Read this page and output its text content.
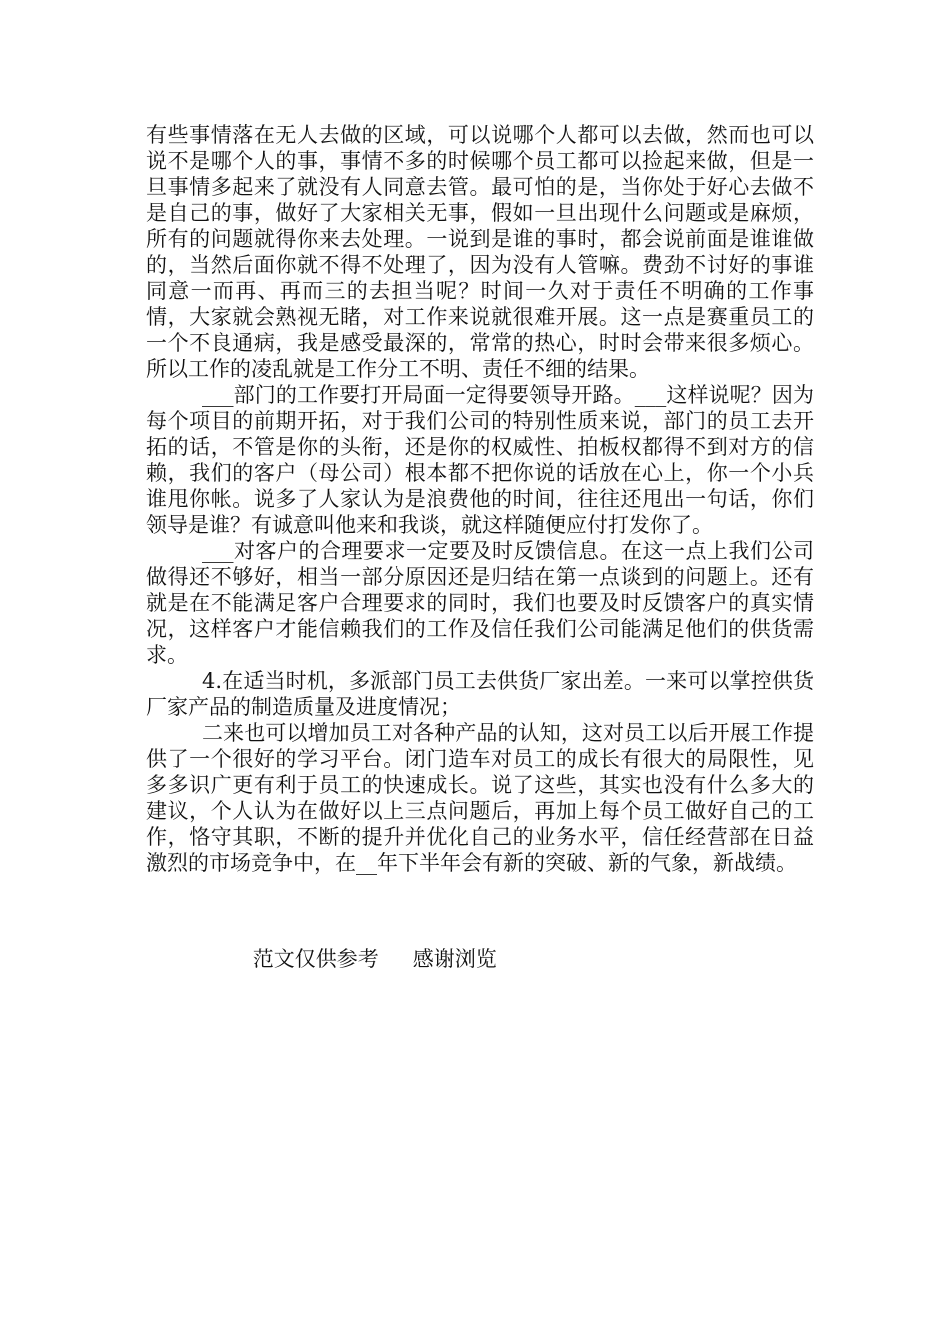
有些事情落在无人去做的区域，可以说哪个人都可以去做，然而也可以说不是哪个人的事，事情不多的时候哪个员工都可以捡起来做，但是一旦事情多起来了就没有人同意去管。最可怕的是，当你处于好心去做不是自己的事，做好了大家相关无事，假如一旦出现什么问题或是麻烦，所有的问题就得你来去处理。一说到是谁的事时，都会说前面是谁谁做的，当然后面你就不得不处理了，因为没有人管嘛。费劲不讨好的事谁同意一而再、再而三的去担当呢？时间一久对于责任不明确的工作事情，大家就会熟视无睹，对工作来说就很难开展。这一点是赛重员工的一个不良通病，我是感受最深的，常常的热心，时时会带来很多烦心。所以工作的凌乱就是工作分工不明、责任不细的结果。

___部门的工作要打开局面一定得要领导开路。___这样说呢？因为每个项目的前期开拓，对于我们公司的特别性质来说，部门的员工去开拓的话，不管是你的头衔，还是你的权威性、拍板权都得不到对方的信赖，我们的客户（母公司）根本都不把你说的话放在心上，你一个小兵谁甩你帐。说多了人家认为是浪费他的时间，往往还甩出一句话，你们领导是谁？有诚意叫他来和我谈，就这样随便应付打发你了。

___对客户的合理要求一定要及时反馈信息。在这一点上我们公司做得还不够好，相当一部分原因还是归结在第一点谈到的问题上。还有就是在不能满足客户合理要求的同时，我们也要及时反馈客户的真实情况，这样客户才能信赖我们的工作及信任我们公司能满足他们的供货需求。

4.在适当时机，多派部门员工去供货厂家出差。一来可以掌控供货厂家产品的制造质量及进度情况；

二来也可以增加员工对各种产品的认知，这对员工以后开展工作提供了一个很好的学习平台。闭门造车对员工的成长有很大的局限性，见多多识广更有利于员工的快速成长。说了这些，其实也没有什么多大的建议，个人认为在做好以上三点问题后，再加上每个员工做好自己的工作，恪守其职，不断的提升并优化自己的业务水平，信任经营部在日益激烈的市场竞争中，在__年下半年会有新的突破、新的气象，新战绩。

范文仅供参考 感谢浏览
